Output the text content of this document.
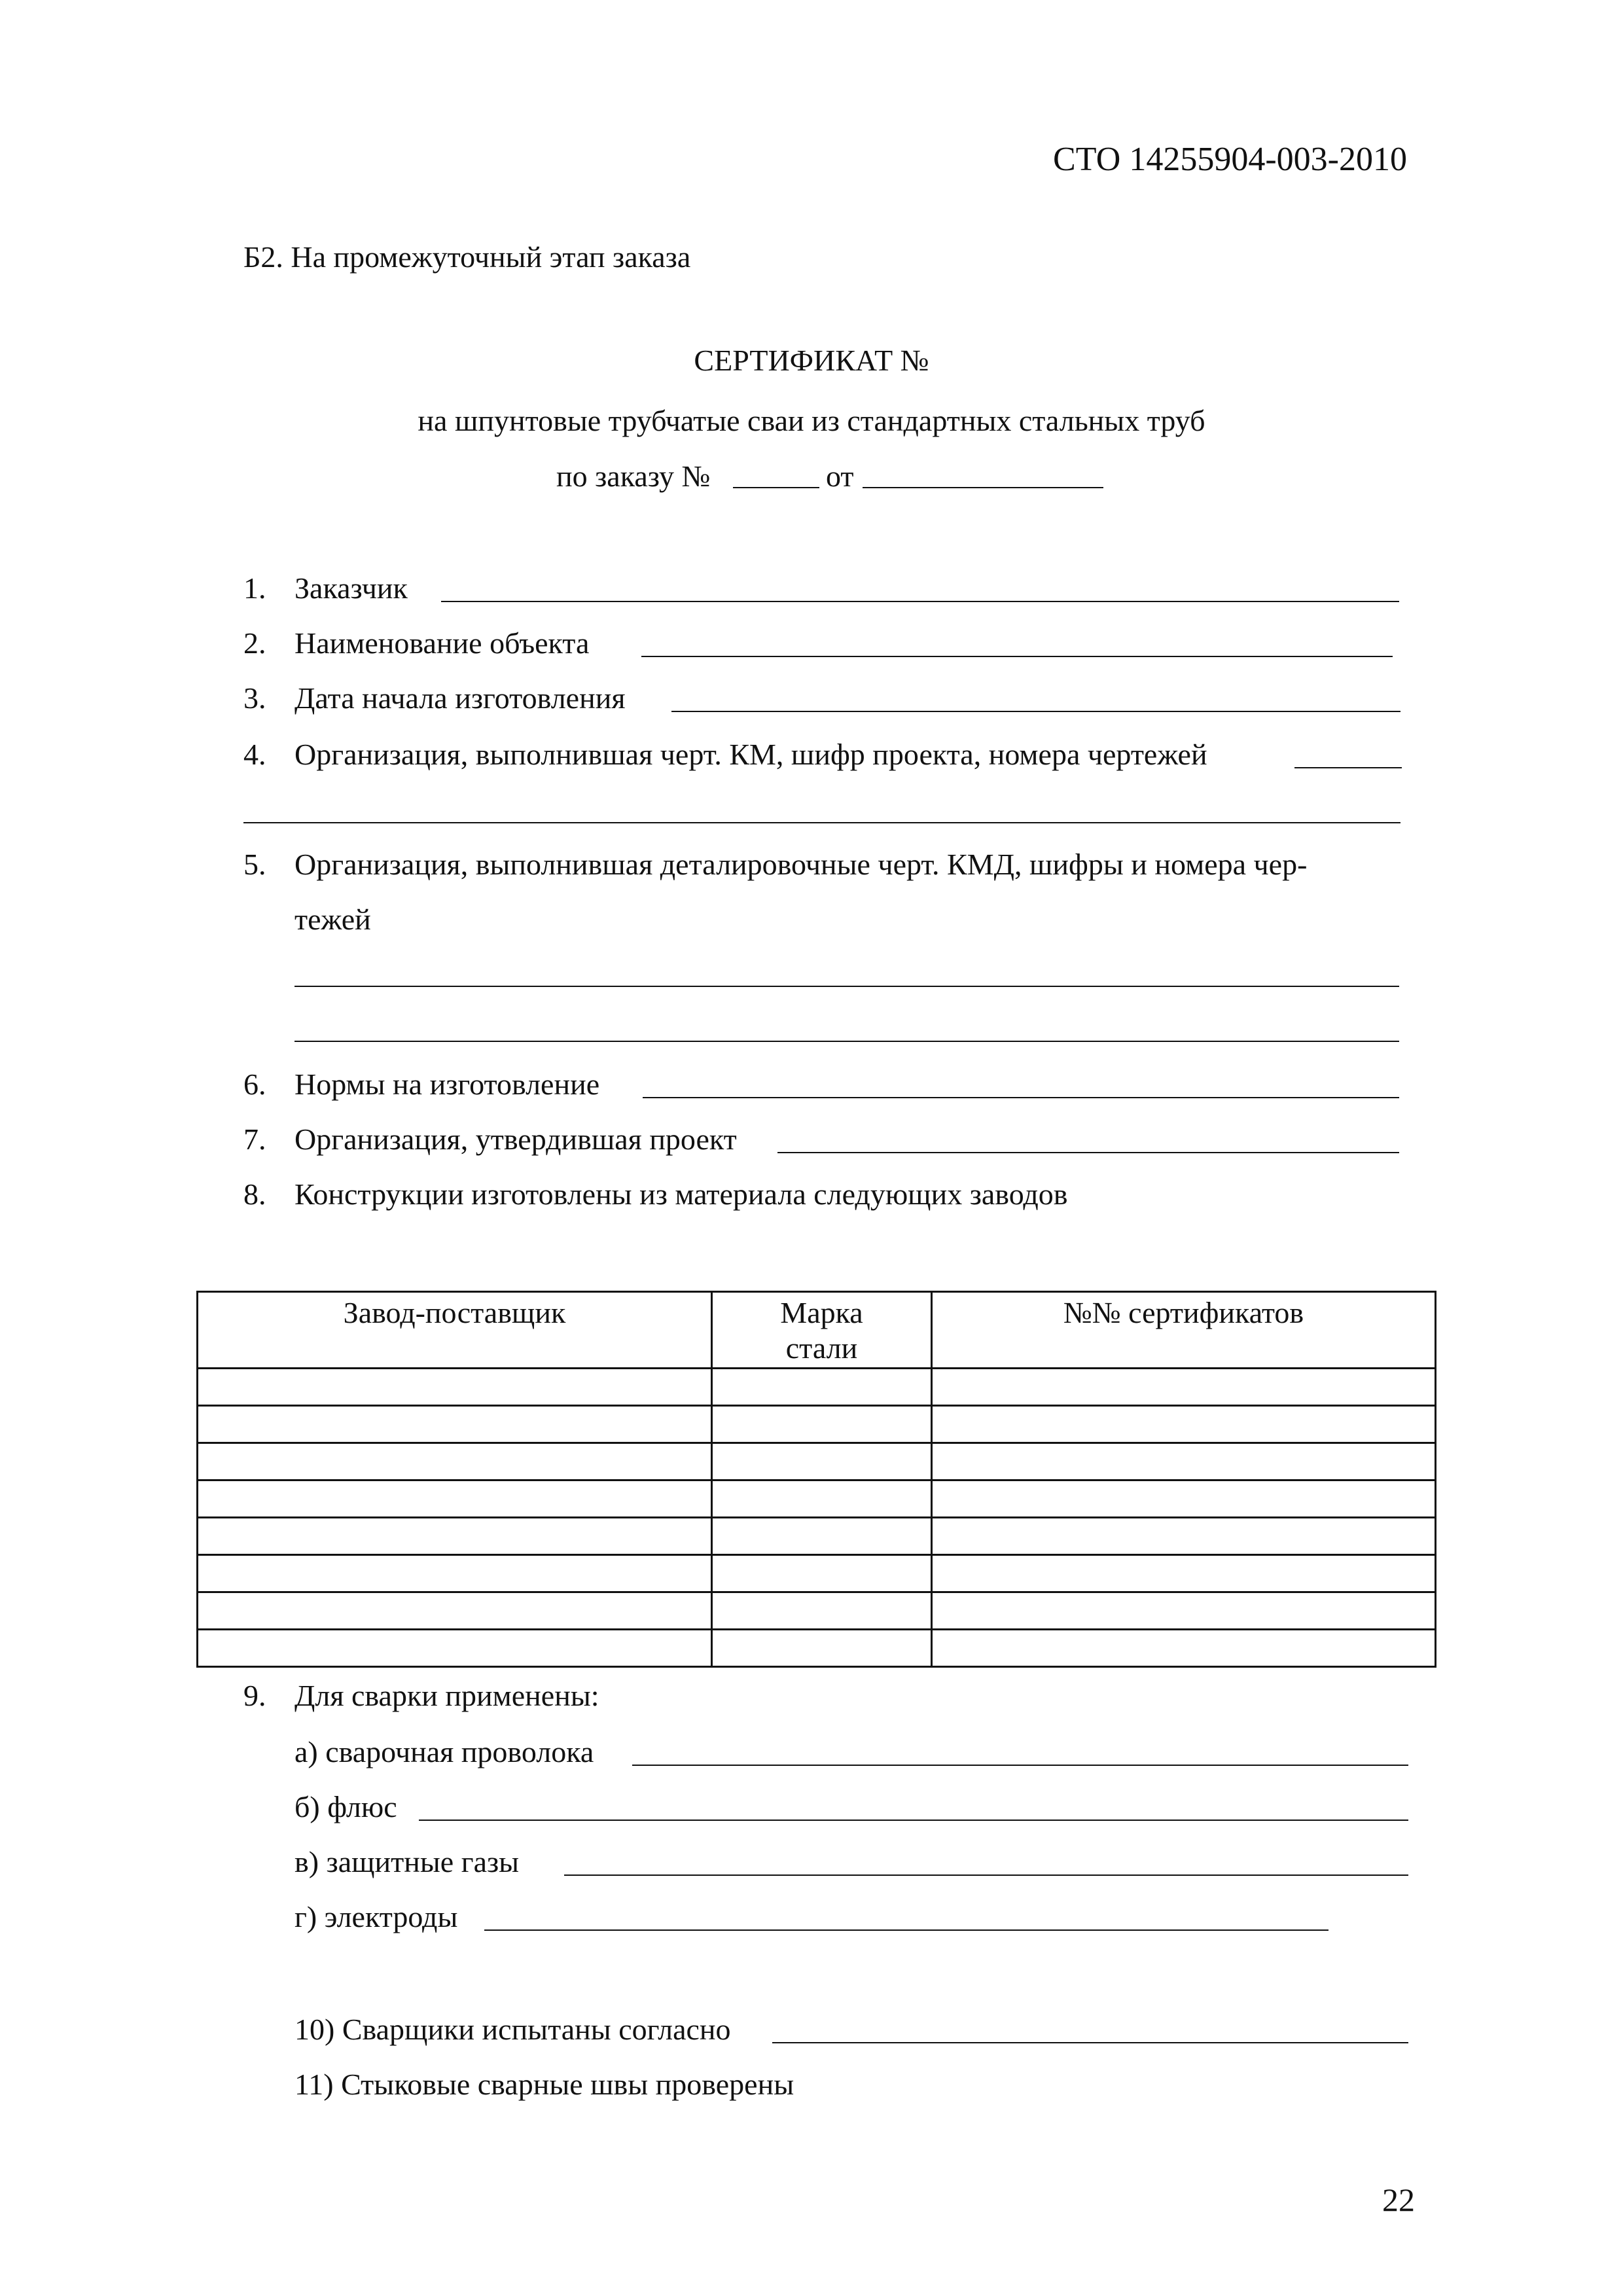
СТО 14255904-003-2010
Б2. На промежуточный этап заказа
СЕРТИФИКАТ №
на шпунтовые трубчатые сваи из стандартных стальных труб
по заказу №	от
1. Заказчик
2. Наименование объекта
3. Дата начала изготовления
4. Организация, выполнившая черт. КМ, шифр проекта, номера чертежей
5. Организация, выполнившая деталировочные черт. КМД, шифры и номера чер-
тежей
6. Нормы на изготовление
7. Организация, утвердившая проект
8. Конструкции изготовлены из материала следующих заводов
Завод-поставщик	Марка стали	№№ сертификатов

9. Для сварки применены:
а) сварочная проволока
б) флюс
в) защитные газы
г) электроды
10) Сварщики испытаны согласно
11) Стыковые сварные швы проверены
22
